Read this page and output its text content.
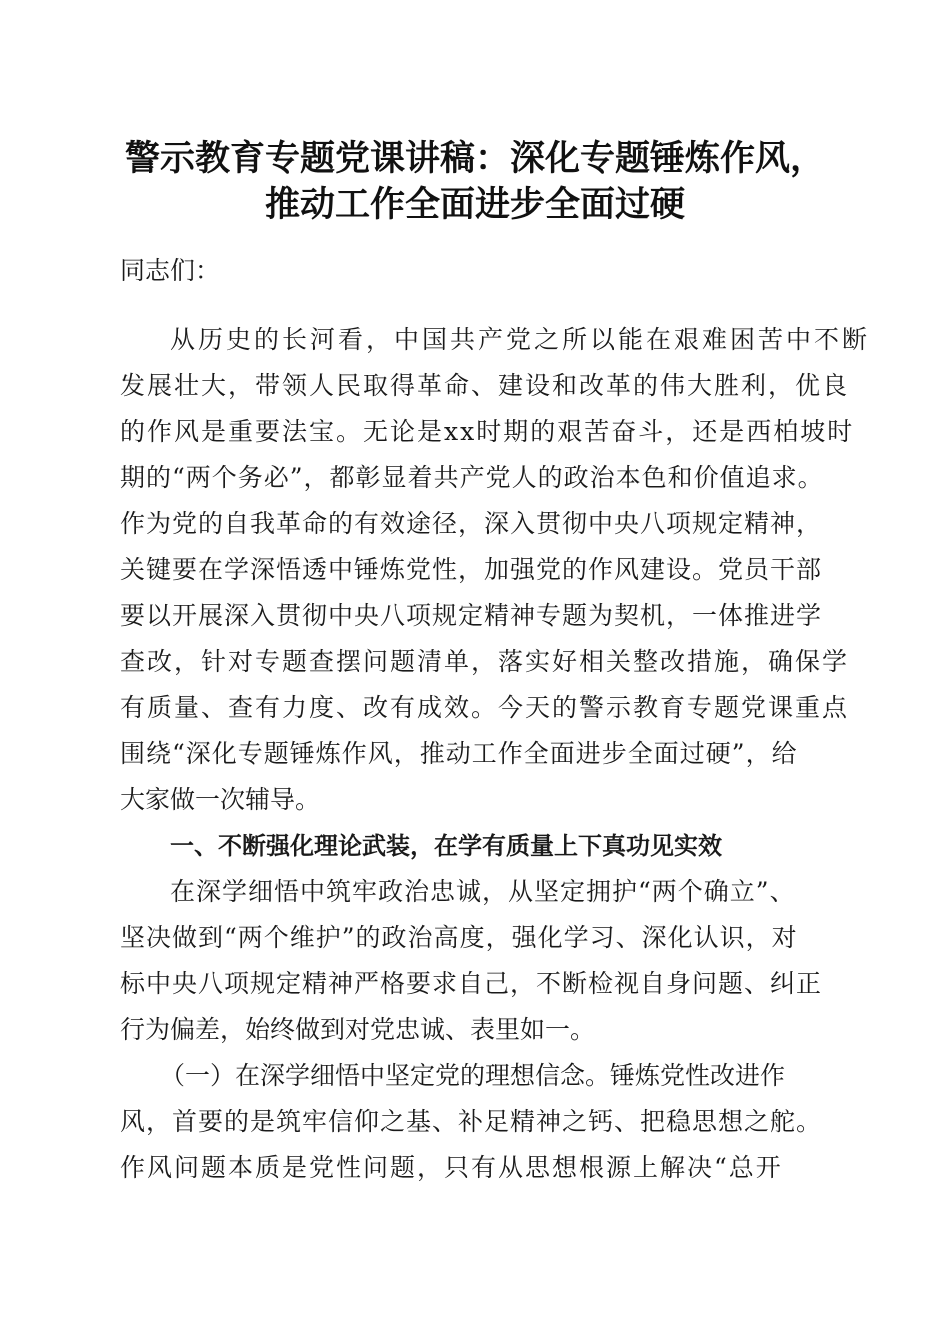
警示教育专题党课讲稿：深化专题锤炼作风，
推动工作全面进步全面过硬
同志们：
从历史的长河看，中国共产党之所以能在艰难困苦中不断
发展壮大，带领人民取得革命、建设和改革的伟大胜利，优良
的作风是重要法宝。无论是xx时期的艰苦奋斗，还是西柏坡时
期的“两个务必”，都彰显着共产党人的政治本色和价值追求。
作为党的自我革命的有效途径，深入贯彻中央八项规定精神，
关键要在学深悟透中锤炼党性，加强党的作风建设。党员干部
要以开展深入贯彻中央八项规定精神专题为契机，一体推进学
查改，针对专题查摆问题清单，落实好相关整改措施，确保学
有质量、查有力度、改有成效。今天的警示教育专题党课重点
围绕“深化专题锤炼作风，推动工作全面进步全面过硬”，给
大家做一次辅导。
一、不断强化理论武装，在学有质量上下真功见实效
在深学细悟中筑牢政治忠诚，从坚定拥护“两个确立”、
坚决做到“两个维护”的政治高度，强化学习、深化认识，对
标中央八项规定精神严格要求自己，不断检视自身问题、纠正
行为偏差，始终做到对党忠诚、表里如一。
（一）在深学细悟中坚定党的理想信念。锤炼党性改进作
风，首要的是筑牢信仰之基、补足精神之钙、把稳思想之舵。
作风问题本质是党性问题，只有从思想根源上解决“总开
